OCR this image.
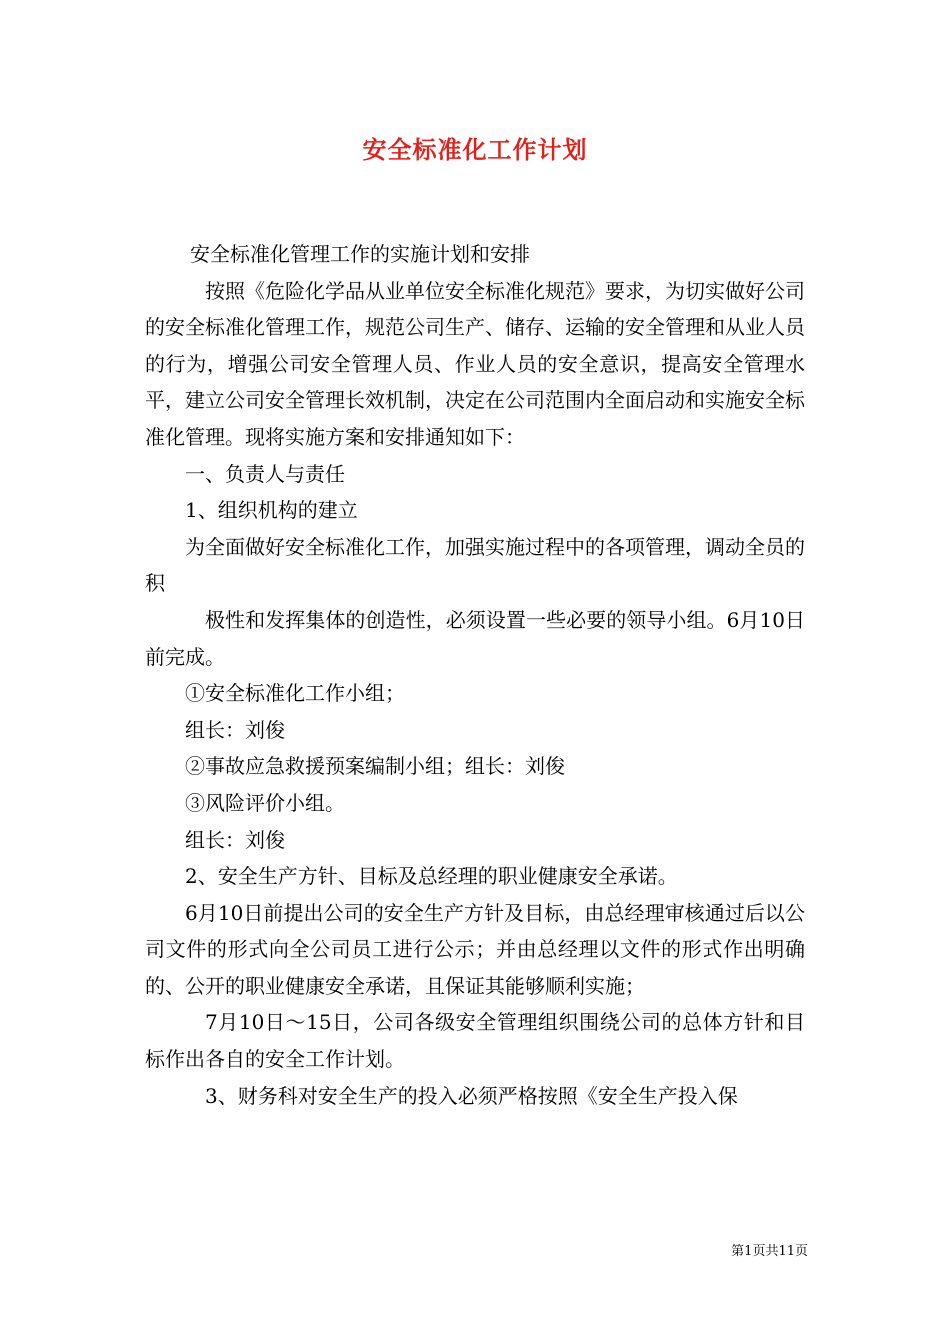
安全标准化工作计划

安全标准化管理工作的实施计划和安排

按照《危险化学品从业单位安全标准化规范》要求，为切实做好公司的安全标准化管理工作，规范公司生产、储存、运输的安全管理和从业人员的行为，增强公司安全管理人员、作业人员的安全意识，提高安全管理水平，建立公司安全管理长效机制，决定在公司范围内全面启动和实施安全标准化管理。现将实施方案和安排通知如下：

一、负责人与责任

1、组织机构的建立

为全面做好安全标准化工作，加强实施过程中的各项管理，调动全员的积

极性和发挥集体的创造性，必须设置一些必要的领导小组。6月10日前完成。

①安全标准化工作小组；

组长：刘俊

②事故应急救援预案编制小组；组长：刘俊

③风险评价小组。

组长：刘俊

2、安全生产方针、目标及总经理的职业健康安全承诺。

6月10日前提出公司的安全生产方针及目标，由总经理审核通过后以公司文件的形式向全公司员工进行公示；并由总经理以文件的形式作出明确的、公开的职业健康安全承诺，且保证其能够顺利实施；

7月10日～15日，公司各级安全管理组织围绕公司的总体方针和目标作出各自的安全工作计划。

3、财务科对安全生产的投入必须严格按照《安全生产投入保

第1页共11页
